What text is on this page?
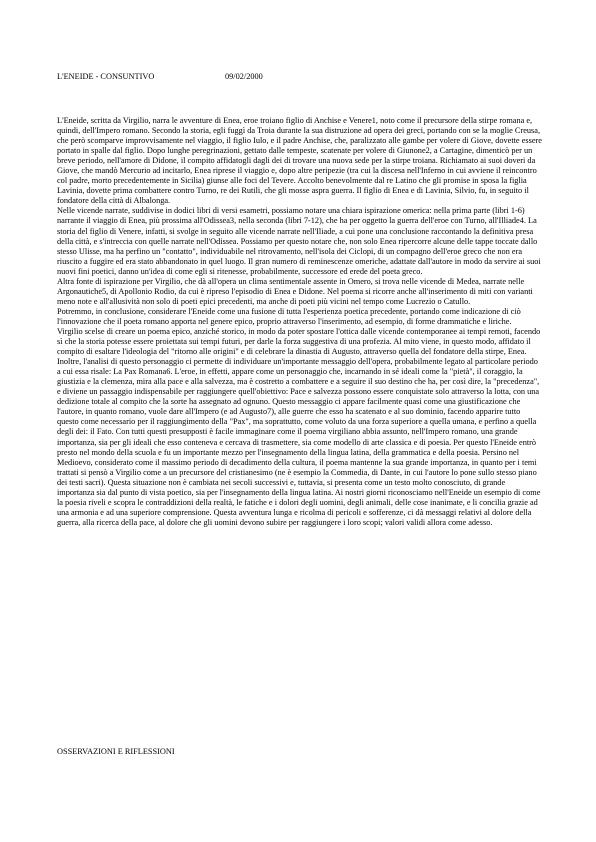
L'ENEIDE - CONSUNTIVO	09/02/2000

L'Eneide, scritta da Virgilio, narra le avventure di Enea, eroe troiano figlio di Anchise e Venere1, noto come il precursore della stirpe romana e, quindi, dell'Impero romano. Secondo la storia, egli fuggì da Troia durante la sua distruzione ad opera dei greci, portando con se la moglie Creusa, che però scomparve improvvisamente nel viaggio, il figlio Iulo, e il padre Anchise, che, paralizzato alle gambe per volere di Giove, dovette essere portato in spalle dal figlio. Dopo lunghe peregrinazioni, gettato dalle tempeste, scatenate per volere di Giunone2, a Cartagine, dimenticò per un breve periodo, nell'amore di Didone, il compito affidatogli dagli dei di trovare una nuova sede per la stirpe troiana. Richiamato ai suoi doveri da Giove, che mandò Mercurio ad incitarlo, Enea riprese il viaggio e, dopo altre peripezie (tra cui la discesa nell'Inferno in cui avviene il reincontro col padre, morto precedentemente in Sicilia) giunse alle foci del Tevere. Accolto benevolmente dal re Latino che gli promise in sposa la figlia Lavinia, dovette prima combattere contro Turno, re dei Rutili, che gli mosse aspra guerra. Il figlio di Enea e di Lavinia, Silvio, fu, in seguito il fondatore della città di Albalonga.

Nelle vicende narrate, suddivise in dodici libri di versi esametri, possiamo notare una chiara ispirazione omerica: nella prima parte (libri 1-6) narrante il viaggio di Enea, più prossima all'Odissea3, nella seconda (libri 7-12), che ha per oggetto la guerra dell'eroe con Turno, all'Illiade4. La storia del figlio di Venere, infatti, si svolge in seguito alle vicende narrate nell'Iliade, a cui pone una conclusione raccontando la definitiva presa della città, e s'intreccia con quelle narrate nell'Odissea. Possiamo per questo notare che, non solo Enea ripercorre alcune delle tappe toccate dallo stesso Ulisse, ma ha perfino un "contatto", individuabile nel ritrovamento, nell'isola dei Ciclopi, di un compagno dell'eroe greco che non era riuscito a fuggire ed era stato abbandonato in quel luogo. Il gran numero di reminescenze omeriche, adattate dall'autore in modo da servire ai suoi nuovi fini poetici, danno un'idea di come egli si ritenesse, probabilmente, successore ed erede del poeta greco.

Altra fonte di ispirazione per Virgilio, che dà all'opera un clima sentimentale assente in Omero, si trova nelle vicende di Medea, narrate nelle Argonautiche5, di Apollonio Rodio, da cui è ripreso l'episodio di Enea e Didone. Nel poema si ricorre anche all'inserimento di miti con varianti meno note e all'allusività non solo di poeti epici precedenti, ma anche di poeti più vicini nel tempo come Lucrezio o Catullo.

Potremmo, in conclusione, considerare l'Eneide come una fusione di tutta l'esperienza poetica precedente, portando come indicazione di ciò l'innovazione che il poeta romano apporta nel genere epico, proprio attraverso l'inserimento, ad esempio, di forme drammatiche e liriche.

Virgilio scelse di creare un poema epico, anziché storico, in modo da poter spostare l'ottica dalle vicende contemporanee ai tempi remoti, facendo sì che la storia potesse essere proiettata sui tempi futuri, per darle la forza suggestiva di una profezia. Al mito viene, in questo modo, affidato il compito di esaltare l'ideologia del "ritorno alle origini" e di celebrare la dinastia di Augusto, attraverso quella del fondatore della stirpe, Enea. Inoltre, l'analisi di questo personaggio ci permette di individuare un'importante messaggio dell'opera, probabilmente legato al particolare periodo a cui essa risale: La Pax Romana6. L'eroe, in effetti, appare come un personaggio che, incarnando in sé ideali come la "pietà", il coraggio, la giustizia e la clemenza, mira alla pace e alla salvezza, ma è costretto a combattere e a seguire il suo destino che ha, per così dire, la "precedenza", e diviene un passaggio indispensabile per raggiungere quell'obiettivo: Pace e salvezza possono essere conquistate solo attraverso la lotta, con una dedizione totale al compito che la sorte ha assegnato ad ognuno. Questo messaggio ci appare facilmente quasi come una giustificazione che l'autore, in quanto romano, vuole dare all'Impero (e ad Augusto7), alle guerre che esso ha scatenato e al suo dominio, facendo apparire tutto questo come necessario per il raggiungimento della "Pax", ma soprattutto, come voluto da una forza superiore a quella umana, e perfino a quella degli dei: il Fato. Con tutti questi presupposti è facile immaginare come il poema virgiliano abbia assunto, nell'Impero romano, una grande importanza, sia per gli ideali che esso conteneva e cercava di trasmettere, sia come modello di arte classica e di poesia. Per questo l'Eneide entrò presto nel mondo della scuola e fu un importante mezzo per l'insegnamento della lingua latina, della grammatica e della poesia. Persino nel Medioevo, considerato come il massimo periodo di decadimento della cultura, il poema mantenne la sua grande importanza, in quanto per i temi trattati si pensò a Virgilio come a un precursore del cristianesimo (ne è esempio la Commedia, di Dante, in cui l'autore lo pone sullo stesso piano dei testi sacri). Questa situazione non è cambiata nei secoli successivi e, tuttavia, si presenta come un testo molto conosciuto, di grande importanza sia dal punto di vista poetico, sia per l'insegnamento della lingua latina. Ai nostri giorni riconosciamo nell'Eneide un esempio di come la poesia riveli e scopra le contraddizioni della realtà, le fatiche e i dolori degli uomini, degli animali, delle cose inanimate, e li concilia grazie ad una armonia e ad una superiore comprensione. Questa avventura lunga e ricolma di pericoli e sofferenze, ci dà messaggi relativi al dolore della guerra, alla ricerca della pace, al dolore che gli uomini devono subire per raggiungere i loro scopi; valori validi allora come adesso.

OSSERVAZIONI E RIFLESSIONI
